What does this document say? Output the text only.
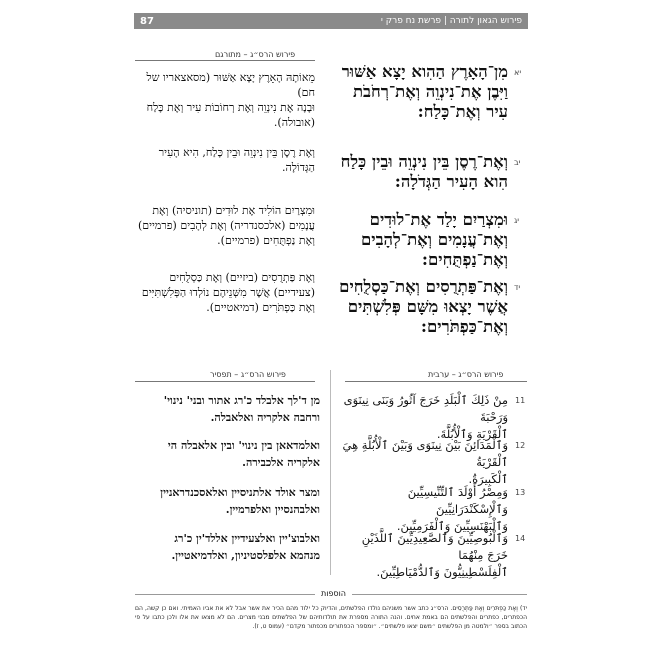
87	פירוש הגאון לתורה | פרשת נח פרק י
פירוש הרס״ג – מתורגם
יא
מִן־הָאָרֶץ הַהִוא יָצָא אַשּׁוּר
וַיִּבֶן אֶת־נִינְוֵה וְאֶת־רְחֹבֹת
עִיר וְאֶת־כָּלַח:
מֵאוֹתָהּ הָאָרֶץ יָצָא אַשּׁוּר (מסאצאריו של חם)
וּבָנָה אֶת נִינְוֵה וְאֶת רְחוֹבוֹת עִיר וְאֶת כָּלַח
(אובולה).
יב
וְאֶת־רֶסֶן בֵּין נִינְוֵה וּבֵין כָּלַח
הִוא הָעִיר הַגְּדֹלָה:
וְאֶת רֶסֶן בֵּין נִינְוֵה וּבֵין כָּלַח, הִיא הָעִיר
הַגְּדוֹלָה.
יג
וּמִצְרַיִם יָלַד אֶת־לוּדִים
וְאֶת־עֲנָמִים וְאֶת־לְהָבִים
וְאֶת־נַפְתֻּחִים:
וּמִצְרַיִם הוֹלִיד אֶת לוּדִים (תוניסיה) וְאֶת
עֲנָמִים (אלכסנדריה) וְאֶת לְהָבִים (פרמיים)
וְאֶת נַפְתֻּחִים (פרמיים).
יד
וְאֶת־פַּתְרֻסִים וְאֶת־כַּסְלֻחִים
אֲשֶׁר יָצְאוּ מִשָּׁם פְּלִשְׁתִּים
וְאֶת־כַּפְתֹּרִים:
וְאֶת פַּתְרֻסִים (ביזיים) וְאֶת כַּסְלֻחִים
(צעידיים) אֲשֶׁר מִשְּׁנֵיהֶם נוֹלְדוּ הַפְּלִשְׁתִּיִּים
וְאֶת כַּפְתֹּרִים (דמיאטיים).
פירוש הרס״ג – ערבית
פירוש הרס״ג – תפסיר
11
مِنْ ذَلِكَ ٱلْبَلَدِ خَرَجَ آثُورُ وَبَنَى نِينَوَى وَرَحْبَةَ
ٱلْقَرْيَةِ وَٱلْأُبُلَّةَ.
12
وَٱلْمَدَائِنَ بَيْنَ نِينَوَى وَبَيْنَ ٱلْأُبُلَّةِ هِيَ ٱلْقَرْيَةُ
ٱلْكَبِيرَةُ.
13
وَمِصْرُ أَوْلَدَ ٱلتِّنِّيسِيِّينَ وَٱلْإِسْكَنْدَرَانِيِّينَ
وَٱلْبَهْنَسِيِّينَ وَٱلْفَرَمِيِّينَ.
14
وَٱلْبُوصِيِّينَ وَٱلصَّعِيدِيِّينَ ٱللَّذَيْنِ خَرَجَ مِنْهُمَا
ٱلْفِلَسْطِينِيُّونَ وَٱلدُّمْيَاطِيِّينَ.
מן ד'לך אלבלד כ'רג אתור ובני' נינוי'
ורחבה אלקריה ואלאבלה.
ואלמדאאן בין נינוי' ובין אלאבלה הי
אלקריה אלכבירה.
ומצר אולד אלתניסיין ואלאסכנדראניין
ואלבהנסיין ואלפרמיין.
ואלבוצ'יין ואלצעידיין אללד'ין כ'רג
מנהמא אלפלסטיניון, ואלדמיאטיין.
הוספות
יד) וְאֶת כַּפְתֹּרִים וְאֶת פַּתְרֻסִים. הרס״ג כתב אשר משניהם נולדו הפלשתים, והדיוק כל ילוד מהם הכיר את אשר אבל לא את אביו האמיתי. ואם כן קשה, הם הכפתרים, כפתרים והפלשתים הם באמת אחים. והנה התורה מספרת את תולדותיהם של הפלשתים מבני מצרים. הם לא מצאו את אלו ולכן כתבו על פי הכתוב בספר ״ולמטה מן הפלשתים ״משם יצאו פלשתים״. ״ומספר הכפתורים מכפתור מקדם״ (עמוס ט, ז).
